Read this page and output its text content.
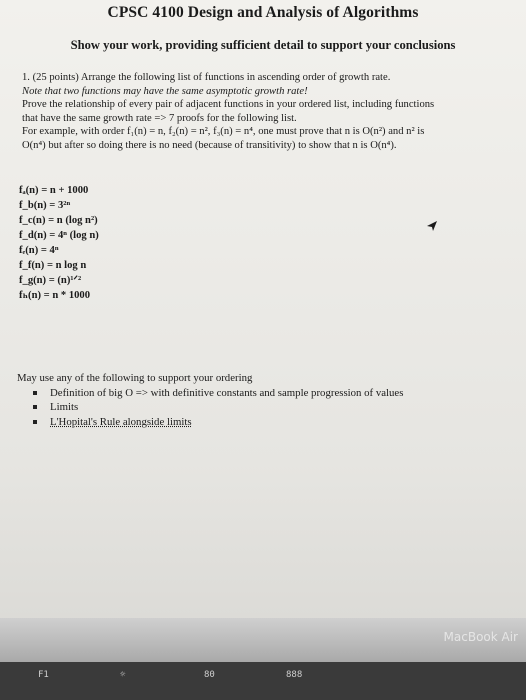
CPSC 4100 Design and Analysis of Algorithms
Show your work, providing sufficient detail to support your conclusions
1. (25 points) Arrange the following list of functions in ascending order of growth rate.
Note that two functions may have the same asymptotic growth rate!
Prove the relationship of every pair of adjacent functions in your ordered list, including functions
that have the same growth rate => 7 proofs for the following list.
For example, with order f₁(n) = n, f₂(n) = n², f₃(n) = n⁴, one must prove that n is O(n²) and n² is
O(n⁴) but after so doing there is no need (because of transitivity) to show that n is O(n⁴).
fₐ(n) = n + 1000
f_b(n) = 3²ⁿ
f_c(n) = n (log n²)
f_d(n) = 4ⁿ (log n)
fₑ(n) = 4ⁿ
f_f(n) = n log n
f_g(n) = (n)¹ᐟ²
fₕ(n) = n * 1000
May use any of the following to support your ordering
Definition of big O => with definitive constants and sample progression of values
Limits
L'Hopital's Rule alongside limits
MacBook Air
F1	☼	80	888
